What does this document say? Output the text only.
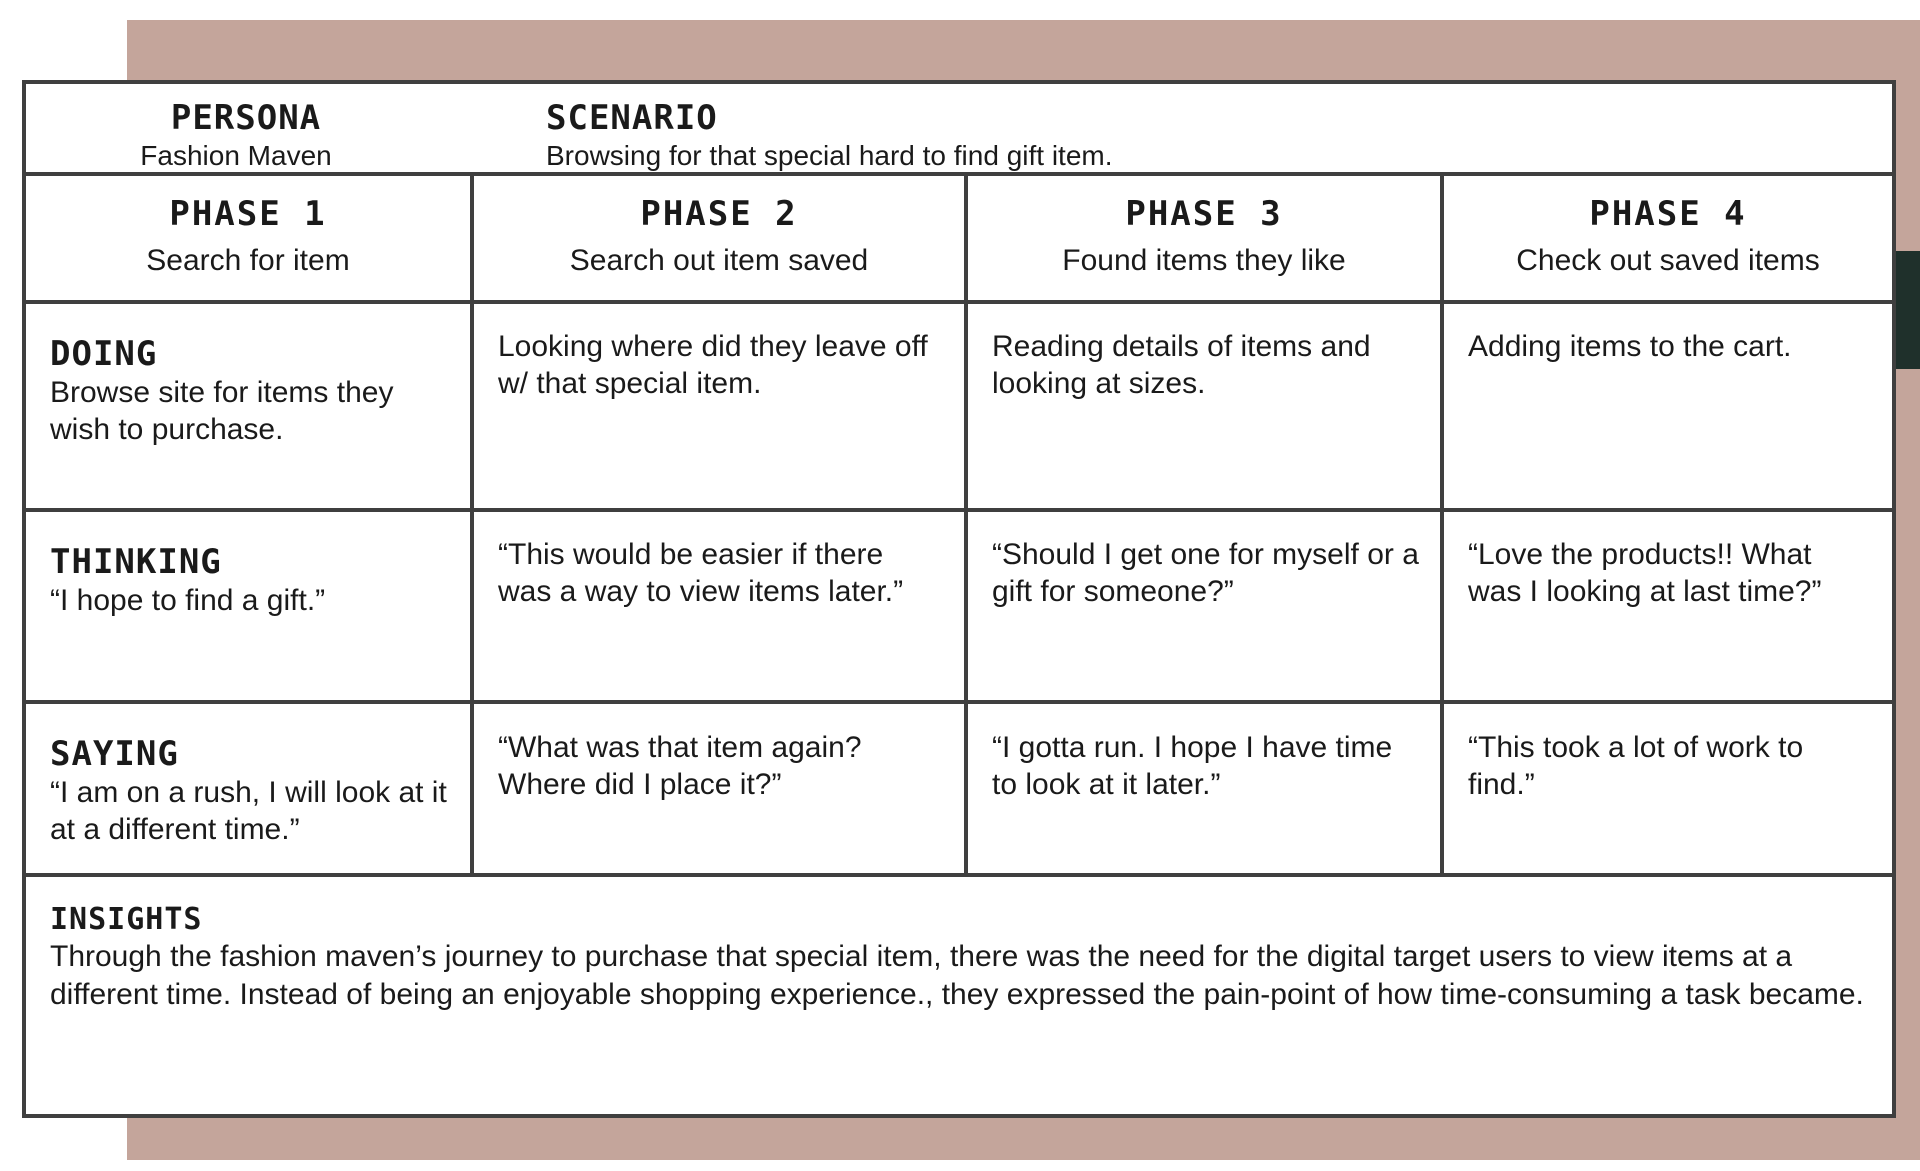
PERSONA
Fashion Maven
SCENARIO
Browsing for that special hard to find gift item.
PHASE 1
Search for item
PHASE 2
Search out item saved
PHASE 3
Found items they like
PHASE 4
Check out saved items
DOING
Browse site for items they wish to purchase.
Looking where did they leave off w/ that special item.
Reading details of items and looking at sizes.
Adding items to the cart.
THINKING
“I hope to find a gift.”
“This would be easier if there was a way to view items later.”
“Should I get one for myself or a gift for someone?”
“Love the products!! What was I looking at last time?”
SAYING
“I am on a rush, I will look at it at a different time.”
“What was that item again? Where did I place it?”
“I gotta run. I hope I have time to look at it later.”
“This took a lot of work to find.”
INSIGHTS
Through the fashion maven’s journey to purchase that special item, there was the need for the digital target users to view items at a different time. Instead of being an enjoyable shopping experience., they expressed the pain-point of how time-consuming a task became.
